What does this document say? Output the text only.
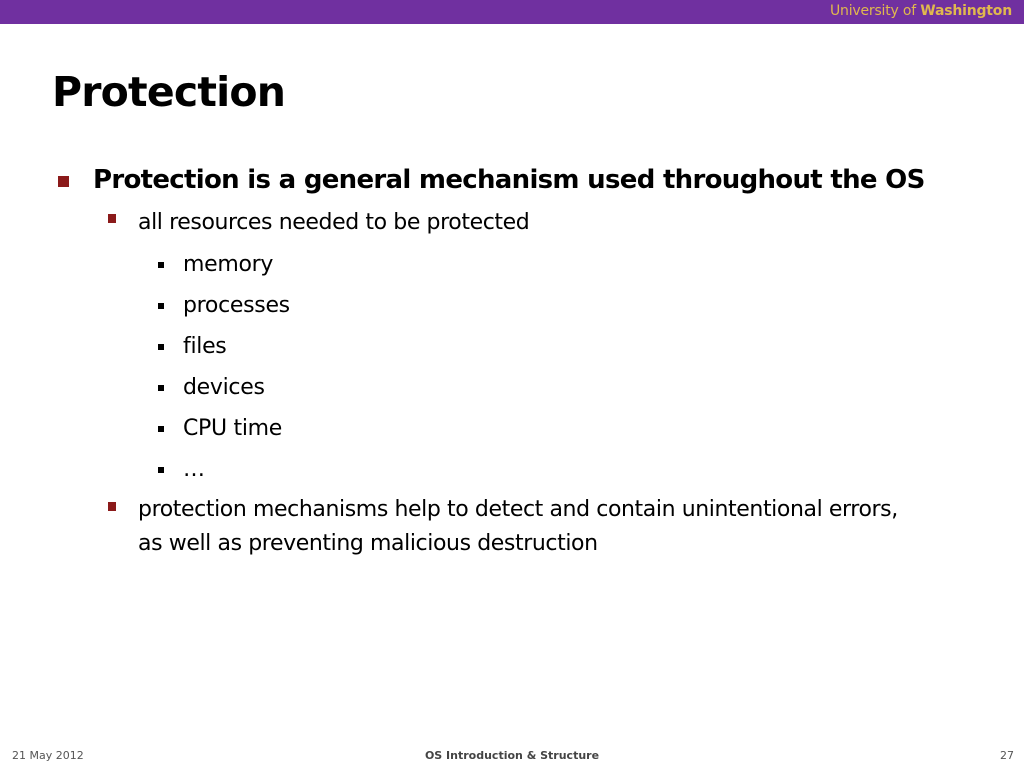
University of Washington
Protection
Protection is a general mechanism used throughout the OS
all resources needed to be protected
memory
processes
files
devices
CPU time
…
protection mechanisms help to detect and contain unintentional errors,
as well as preventing malicious destruction
21 May 2012	OS Introduction & Structure	27
